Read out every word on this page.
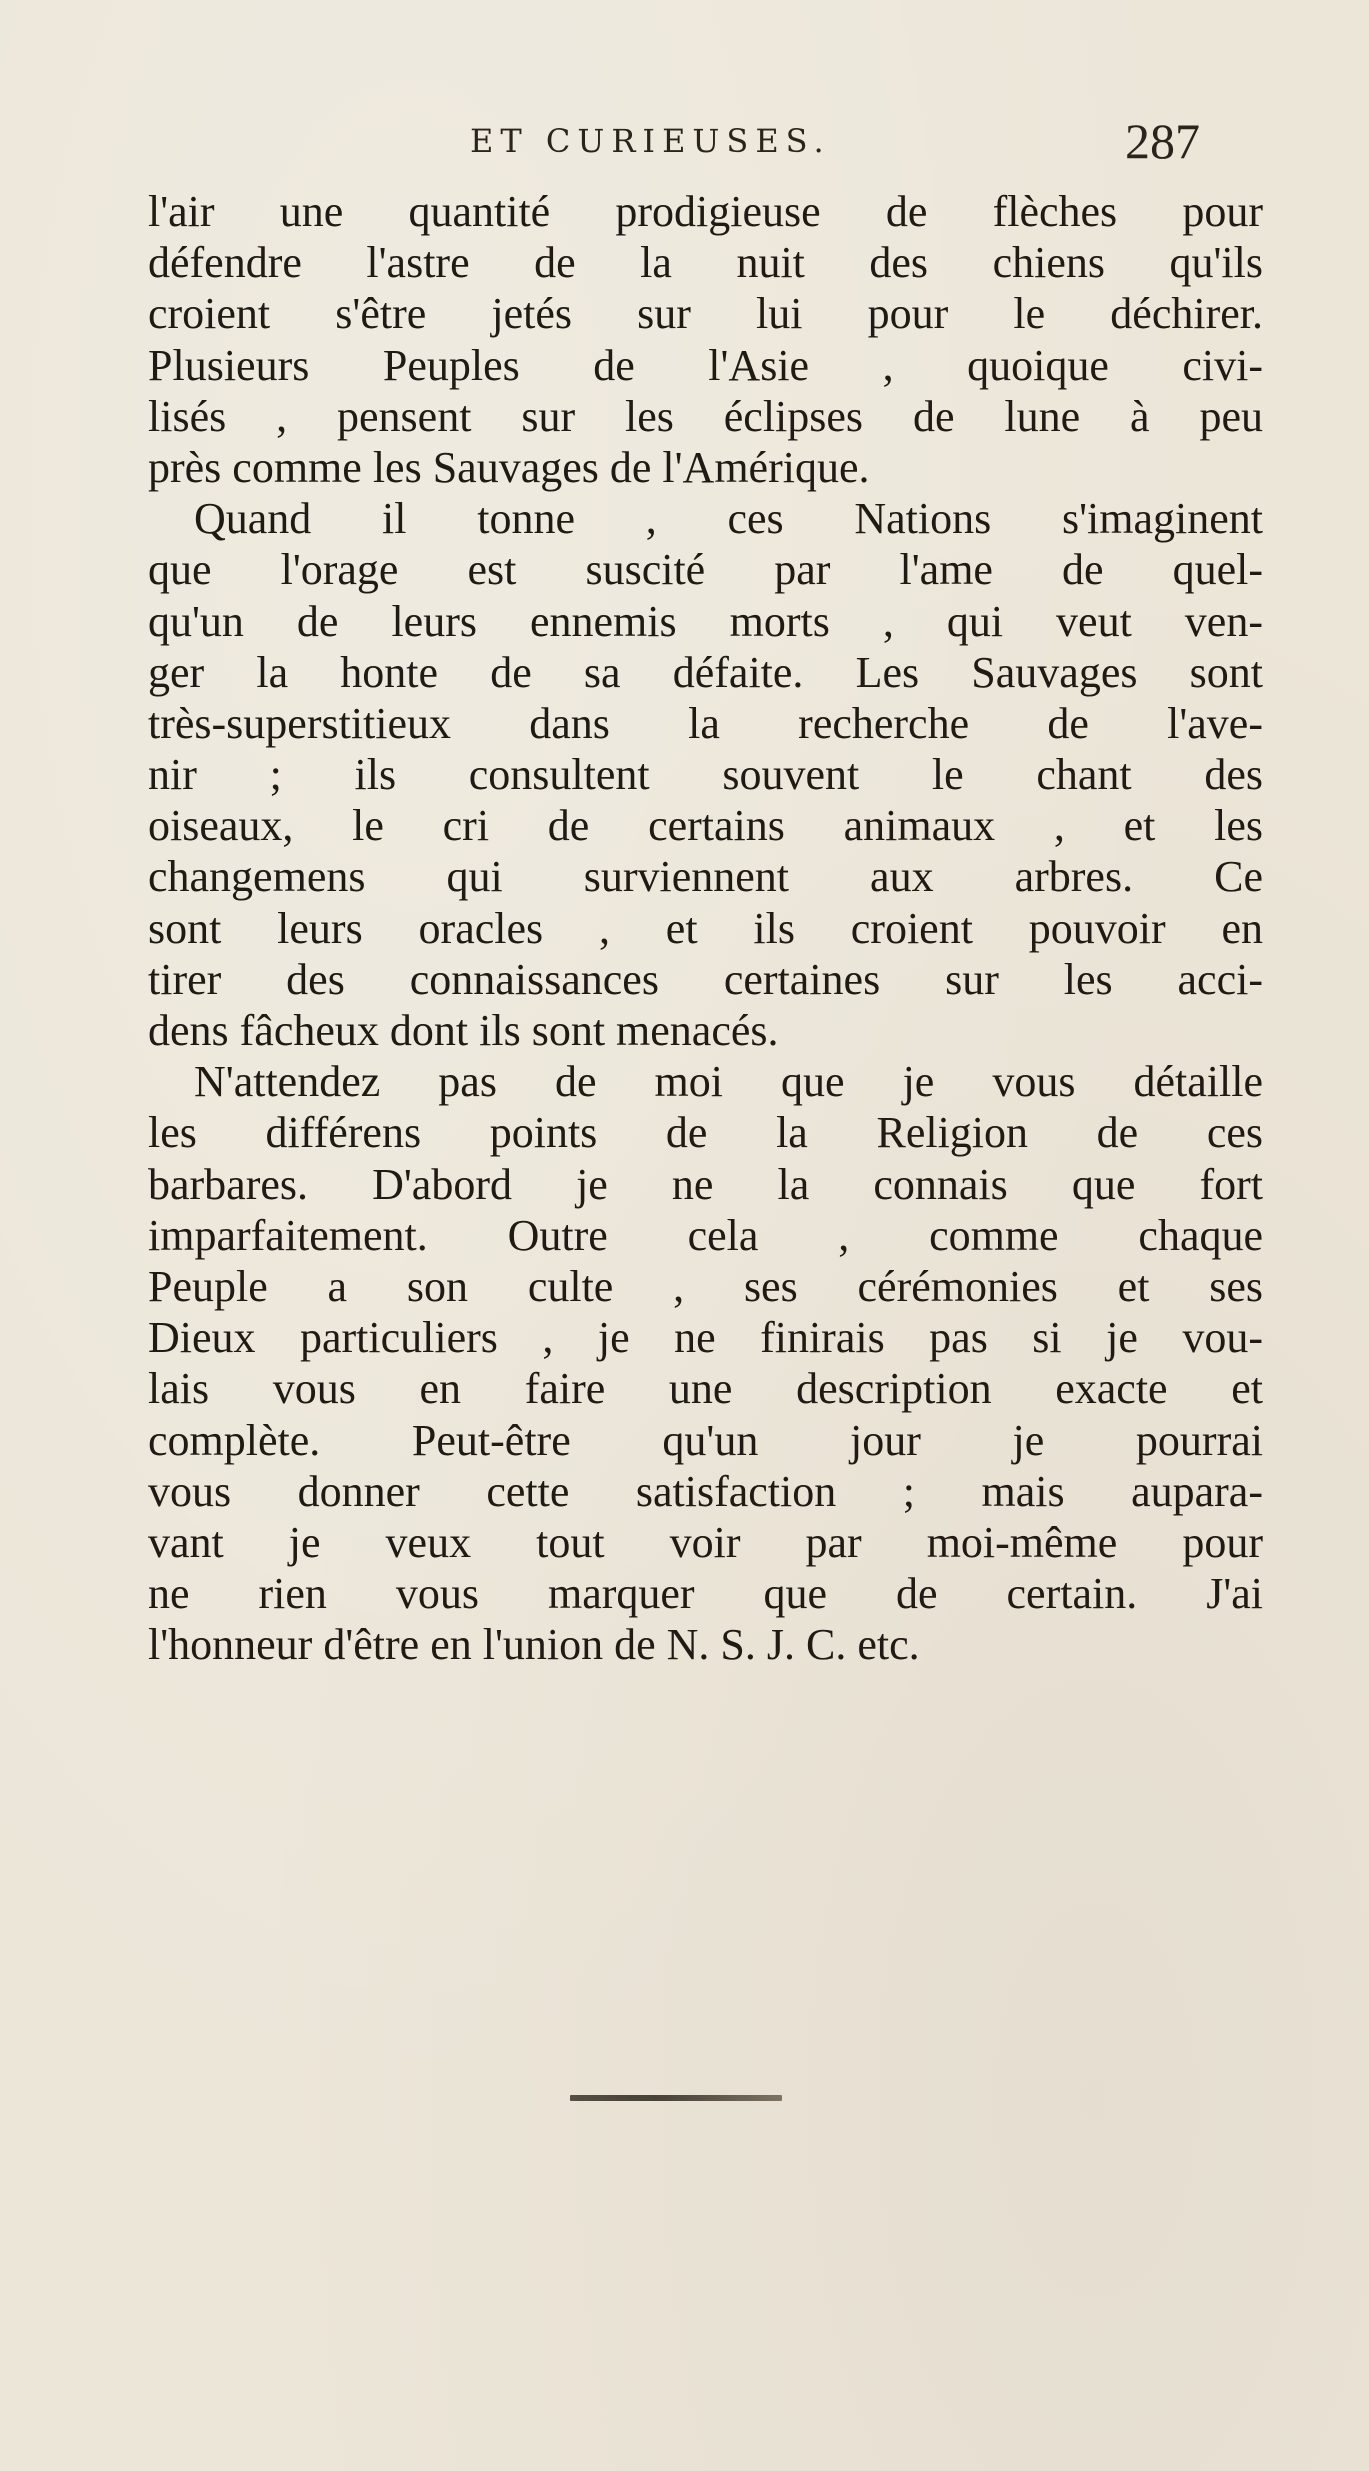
ET CURIEUSES.	287
l'air une quantité prodigieuse de flèches pour
défendre l'astre de la nuit des chiens qu'ils
croient s'être jetés sur lui pour le déchirer.
Plusieurs Peuples de l'Asie , quoique civi-
lisés , pensent sur les éclipses de lune à peu
près comme les Sauvages de l'Amérique.
Quand il tonne , ces Nations s'imaginent
que l'orage est suscité par l'ame de quel-
qu'un de leurs ennemis morts , qui veut ven-
ger la honte de sa défaite. Les Sauvages sont
très-superstitieux dans la recherche de l'ave-
nir ; ils consultent souvent le chant des
oiseaux, le cri de certains animaux , et les
changemens qui surviennent aux arbres. Ce
sont leurs oracles , et ils croient pouvoir en
tirer des connaissances certaines sur les acci-
dens fâcheux dont ils sont menacés.
N'attendez pas de moi que je vous détaille
les différens points de la Religion de ces
barbares. D'abord je ne la connais que fort
imparfaitement. Outre cela , comme chaque
Peuple a son culte , ses cérémonies et ses
Dieux particuliers , je ne finirais pas si je vou-
lais vous en faire une description exacte et
complète. Peut-être qu'un jour je pourrai
vous donner cette satisfaction ; mais aupara-
vant je veux tout voir par moi-même pour
ne rien vous marquer que de certain. J'ai
l'honneur d'être en l'union de N. S. J. C. etc.
